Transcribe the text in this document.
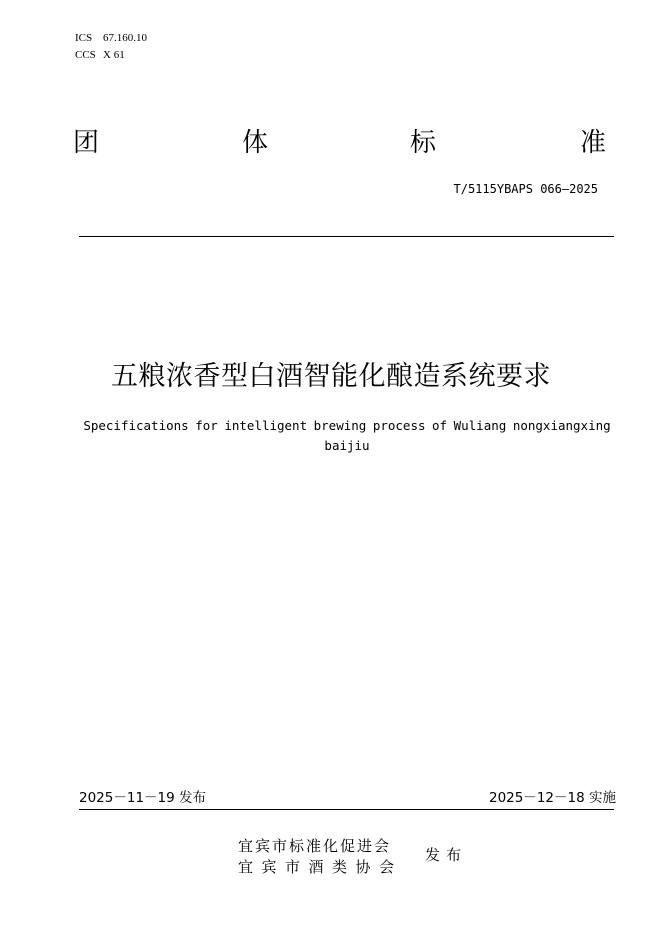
ICS 67.160.10
CCS X 61
团	体	标	准
T/5115YBAPS 066—2025
五粮浓香型白酒智能化酿造系统要求
Specifications for intelligent brewing process of Wuliang nongxiangxing baijiu
2025－11－19 发布	2025－12－18 实施
宜宾市标准化促进会
宜宾市酒类协会
发布
